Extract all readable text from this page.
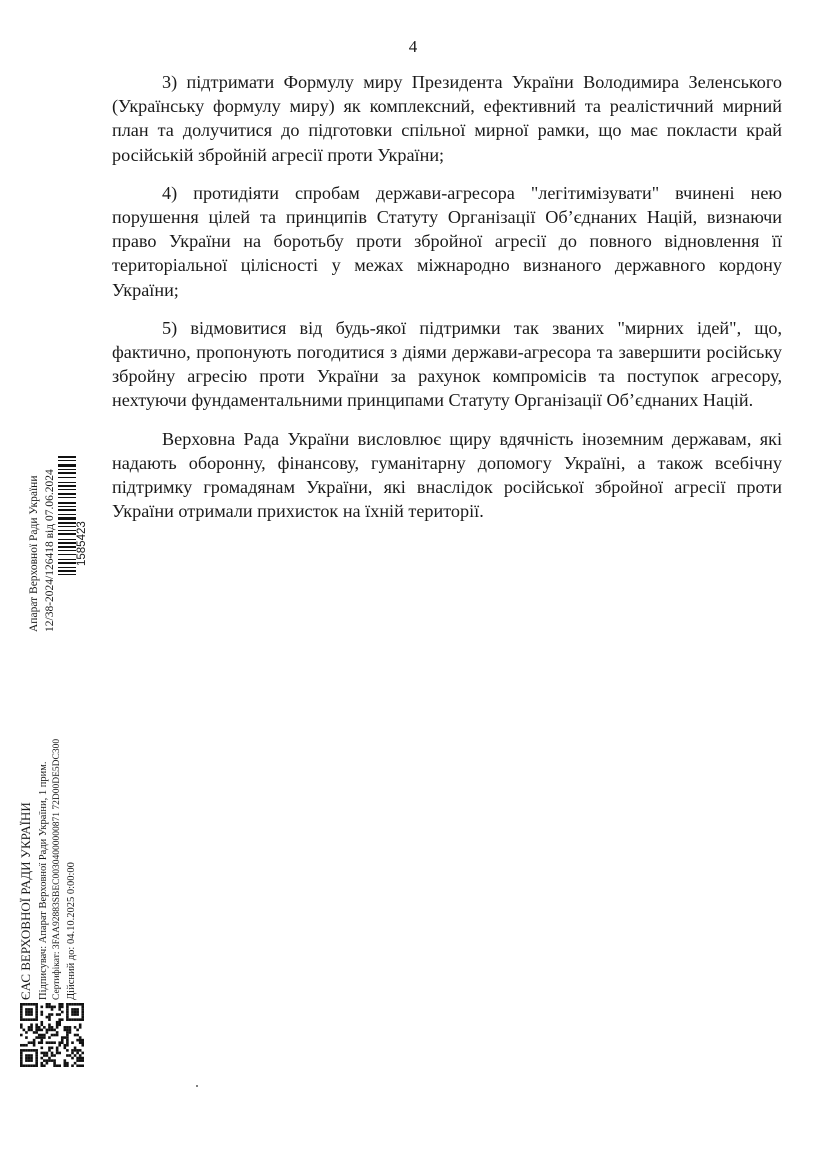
4

3) підтримати Формулу миру Президента України Володимира Зеленського (Українську формулу миру) як комплексний, ефективний та реалістичний мирний план та долучитися до підготовки спільної мирної рамки, що має покласти край російській збройній агресії проти України;

4) протидіяти спробам держави-агресора "легітимізувати" вчинені нею порушення цілей та принципів Статуту Організації Об’єднаних Націй, визнаючи право України на боротьбу проти збройної агресії до повного відновлення її територіальної цілісності у межах міжнародно визнаного державного кордону України;

5) відмовитися від будь-якої підтримки так званих "мирних ідей", що, фактично, пропонують погодитися з діями держави-агресора та завершити російську збройну агресію проти України за рахунок компромісів та поступок агресору, нехтуючи фундаментальними принципами Статуту Організації Об’єднаних Націй.

Верховна Рада України висловлює щиру вдячність іноземним державам, які надають оборонну, фінансову, гуманітарну допомогу Україні, а також всебічну підтримку громадянам України, які внаслідок російської збройної агресії проти України отримали прихисток на їхній території.

Апарат Верховної Ради України 12/38-2024/126418 від 07.06.2024 1585423
ЄАС ВЕРХОВНОЇ РАДИ УКРАЇНИ Підписувач: Апарат Верховної Ради України, 1 прим. Сертифікат: 3FAA92883SBEC00304000000871 72D00DE5DC300 Дійсний до: 04.10.2025 0:00:00
